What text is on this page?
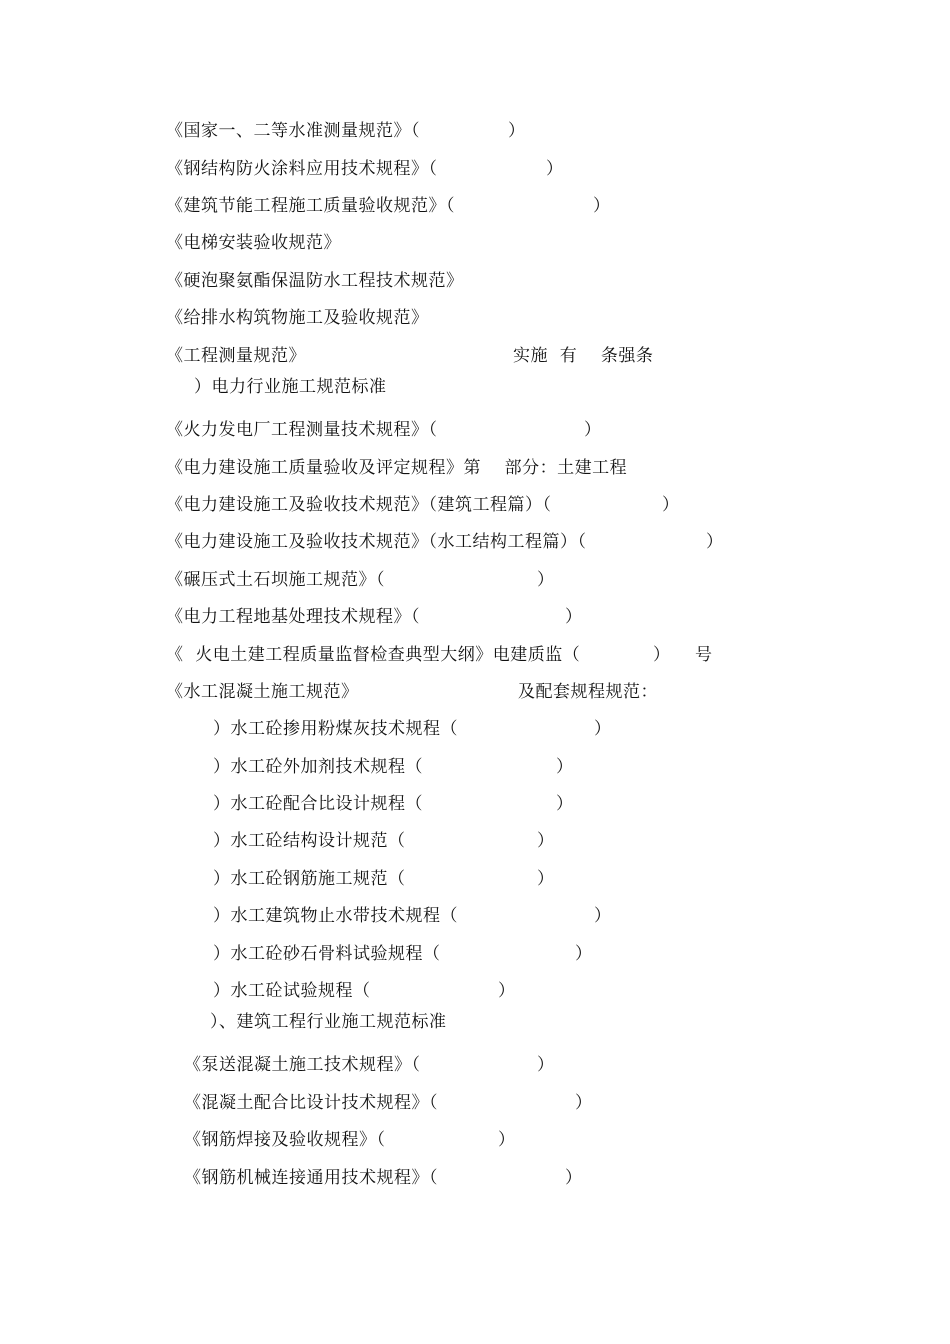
《国家一、二等水准测量规范》（	）
《钢结构防火涂料应用技术规程》（	）
《建筑节能工程施工质量验收规范》（	）
《电梯安装验收规范》
《硬泡聚氨酯保温防水工程技术规范》
《给排水构筑物施工及验收规范》
《工程测量规范》	实施  有    条强条
）电力行业施工规范标准
《火力发电厂工程测量技术规程》（	）
《电力建设施工质量验收及评定规程》第    部分：土建工程
《电力建设施工及验收技术规范》（建筑工程篇）（	）
《电力建设施工及验收技术规范》（水工结构工程篇）（	）
《碾压式土石坝施工规范》（	）
《电力工程地基处理技术规程》（	）
《  火电土建工程质量监督检查典型大纲》电建质监（	） 号
《水工混凝土施工规范》	及配套规程规范：
）水工砼掺用粉煤灰技术规程（	）
）水工砼外加剂技术规程（	）
）水工砼配合比设计规程（	）
）水工砼结构设计规范（	）
）水工砼钢筋施工规范（	）
）水工建筑物止水带技术规程（	）
）水工砼砂石骨料试验规程（	）
）水工砼试验规程（	）
）、建筑工程行业施工规范标准
《泵送混凝土施工技术规程》（	）
《混凝土配合比设计技术规程》（	）
《钢筋焊接及验收规程》（	）
《钢筋机械连接通用技术规程》（	）
